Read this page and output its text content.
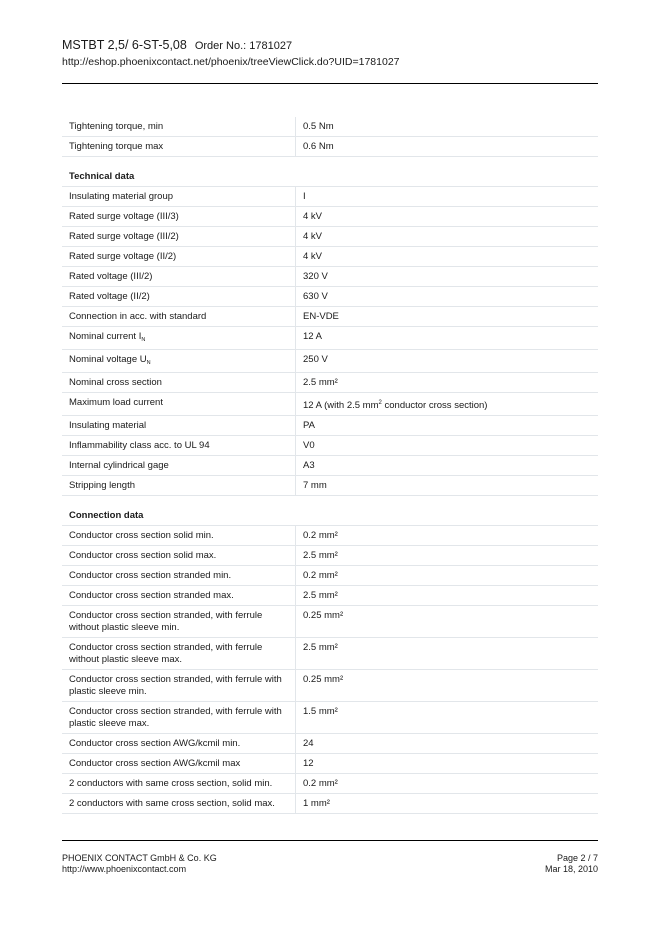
MSTBT 2,5/ 6-ST-5,08 Order No.: 1781027
http://eshop.phoenixcontact.net/phoenix/treeViewClick.do?UID=1781027
Tightening torque, min	0.5 Nm
Tightening torque max	0.6 Nm
Technical data	
Insulating material group	I
Rated surge voltage (III/3)	4 kV
Rated surge voltage (III/2)	4 kV
Rated surge voltage (II/2)	4 kV
Rated voltage (III/2)	320 V
Rated voltage (II/2)	630 V
Connection in acc. with standard	EN-VDE
Nominal current $I_N$	12 A
Nominal voltage $U_N$	250 V
Nominal cross section	2.5 mm²
Maximum load current	12 A (with 2.5 $mm^2$ conductor cross section)
Insulating material	PA
Inflammability class acc. to UL 94	V0
Internal cylindrical gage	A3
Stripping length	7 mm
Connection data	
Conductor cross section solid min.	0.2 mm²
Conductor cross section solid max.	2.5 mm²
Conductor cross section stranded min.	0.2 mm²
Conductor cross section stranded max.	2.5 mm²
Conductor cross section stranded, with ferrule without plastic sleeve min.	0.25 mm²
Conductor cross section stranded, with ferrule without plastic sleeve max.	2.5 mm²
Conductor cross section stranded, with ferrule with plastic sleeve min.	0.25 mm²
Conductor cross section stranded, with ferrule with plastic sleeve max.	1.5 mm²
Conductor cross section AWG/kcmil min.	24
Conductor cross section AWG/kcmil max	12
2 conductors with same cross section, solid min.	0.2 mm²
2 conductors with same cross section, solid max.	1 mm²
PHOENIX CONTACT GmbH & Co. KG
http://www.phoenixcontact.com
Page 2 / 7
Mar 18, 2010
